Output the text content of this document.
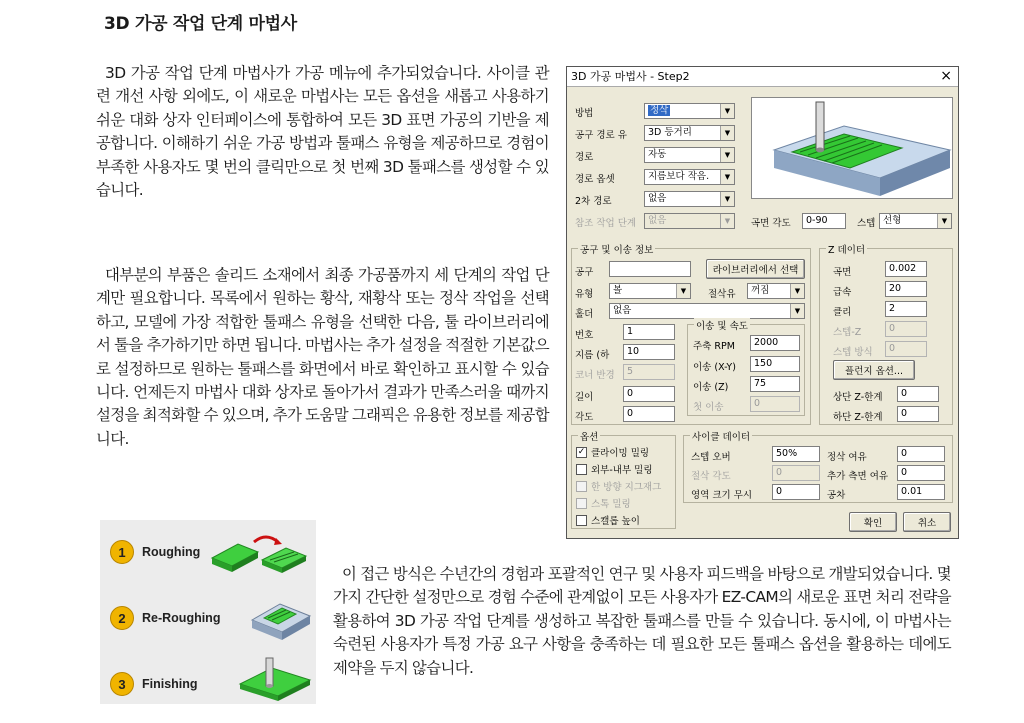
3D 가공 작업 단계 마법사
3D 가공 작업 단계 마법사가 가공 메뉴에 추가되었습니다. 사이클 관련 개선 사항 외에도, 이 새로운 마법사는 모든 옵션을 새롭고 사용하기 쉬운 대화 상자 인터페이스에 통합하여 모든 3D 표면 가공의 기반을 제공합니다. 이해하기 쉬운 가공 방법과 툴패스 유형을 제공하므로 경험이 부족한 사용자도 몇 번의 클릭만으로 첫 번째 3D 툴패스를 생성할 수 있습니다.
대부분의 부품은 솔리드 소재에서 최종 가공품까지 세 단계의 작업 단계만 필요합니다. 목록에서 원하는 황삭, 재황삭 또는 정삭 작업을 선택하고, 모델에 가장 적합한 툴패스 유형을 선택한 다음, 툴 라이브러리에서 툴을 추가하기만 하면 됩니다. 마법사는 추가 설정을 적절한 기본값으로 설정하므로 원하는 툴패스를 화면에서 바로 확인하고 표시할 수 있습니다. 언제든지 마법사 대화 상자로 돌아가서 결과가 만족스러울 때까지 설정을 최적화할 수 있으며, 추가 도움말 그래픽은 유용한 정보를 제공합니다.
이 접근 방식은 수년간의 경험과 포괄적인 연구 및 사용자 피드백을 바탕으로 개발되었습니다. 몇 가지 간단한 설정만으로 경험 수준에 관계없이 모든 사용자가 EZ-CAM의 새로운 표면 처리 전략을 활용하여 3D 가공 작업 단계를 생성하고 복잡한 툴패스를 만들 수 있습니다. 동시에, 이 마법사는 숙련된 사용자가 특정 가공 요구 사항을 충족하는 데 필요한 모든 툴패스 옵션을 활용하는 데에도 제약을 두지 않습니다.
1	Roughing
2	Re-Roughing
3	Finishing
3D 가공 마법사 - Step2	×
방법	정삭	▼
공구 경로 유	3D 등거리	▼
경로	자동	▼
경로 옵셋	지름보다 작음.	▼
2차 경로	없음	▼
참조 작업 단계	없음	▼	곡면 각도	0-90	스텝 선형	▼
공구 및 이송 정보
공구	라이브러리에서 선택
유형	볼	▼	절삭유	꺼짐	▼
홀더	없음	▼
번호	1
지름 (하	10
코너 반경	5
길이	0
각도	0
이송 및 속도
주축 RPM	2000
이송 (X-Y)	150
이송 (Z)	75
첫 이송	0
Z 데이터
곡면	0.002
급속	20
클리	2
스텝-Z	0
스텝 방식	0
플런지 옵션...
상단 Z-한계	0
하단 Z-한계	0
옵션
✓ 클라이밍 밀링
외부-내부 밀링
한 방향 지그재그
스톡 밀링
스캘롭 높이
사이클 데이터
스텝 오버	50%	정삭 여유	0
절삭 각도	0	추가 측면 여유	0
영역 크기 무시	0	공차	0.01
확인	취소
